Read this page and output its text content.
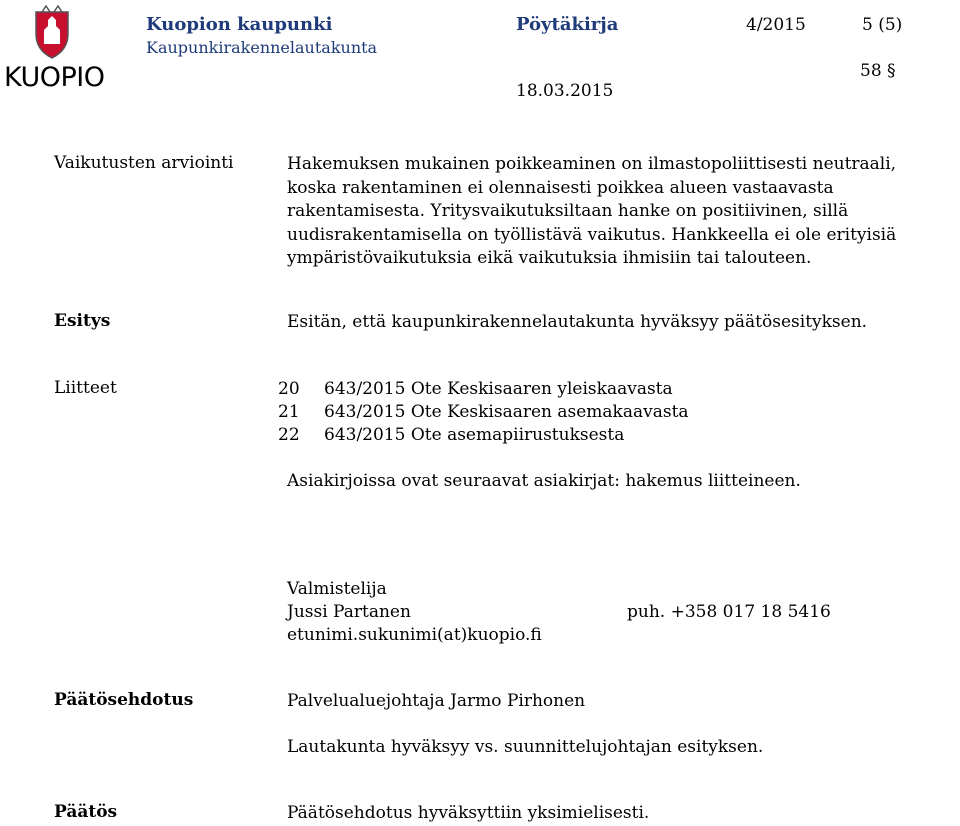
KUOPIO
Kuopion kaupunki
Kaupunkirakennelautakunta
Pöytäkirja	4/2015	5 (5)
58 §
18.03.2015
Vaikutusten arviointi	Hakemuksen mukainen poikkeaminen on ilmastopoliittisesti neutraali, koska rakentaminen ei olennaisesti poikkea alueen vastaavasta rakentamisesta. Yritysvaikutuksiltaan hanke on positiivinen, sillä uudisrakentamisella on työllistävä vaikutus. Hankkeella ei ole erityisiä ympäristövaikutuksia eikä vaikutuksia ihmisiin tai talouteen.
Esitys	Esitän, että kaupunkirakennelautakunta hyväksyy päätösesityksen.
Liitteet	20	643/2015 Ote Keskisaaren yleiskaavasta
21	643/2015 Ote Keskisaaren asemakaavasta
22	643/2015 Ote asemapiirustuksesta
Asiakirjoissa ovat seuraavat asiakirjat: hakemus liitteineen.
Valmistelija
Jussi Partanen	puh. +358 017 18 5416
etunimi.sukunimi(at)kuopio.fi
Päätösehdotus	Palvelualuejohtaja Jarmo Pirhonen
Lautakunta hyväksyy vs. suunnittelujohtajan esityksen.
Päätös	Päätösehdotus hyväksyttiin yksimielisesti.
